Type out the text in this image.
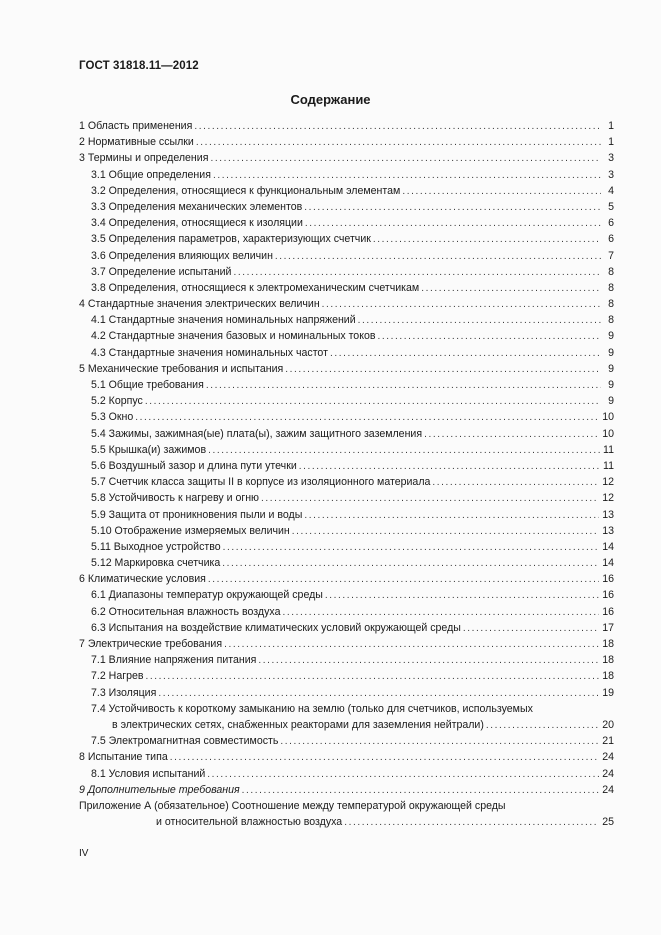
ГОСТ 31818.11—2012
Содержание
1 Область применения .....	1
2 Нормативные ссылки .....	1
3 Термины и определения .....	3
3.1 Общие определения .....	3
3.2 Определения, относящиеся к функциональным элементам .....	4
3.3 Определения механических элементов .....	5
3.4 Определения, относящиеся к изоляции .....	6
3.5 Определения параметров, характеризующих счетчик .....	6
3.6 Определения влияющих величин .....	7
3.7 Определение испытаний .....	8
3.8 Определения, относящиеся к электромеханическим счетчикам .....	8
4 Стандартные значения электрических величин .....	8
4.1 Стандартные значения номинальных напряжений .....	8
4.2 Стандартные значения базовых и номинальных токов .....	9
4.3 Стандартные значения номинальных частот .....	9
5 Механические требования и испытания .....	9
5.1 Общие требования .....	9
5.2 Корпус .....	9
5.3 Окно .....	10
5.4 Зажимы, зажимная(ые) плата(ы), зажим защитного заземления .....	10
5.5 Крышка(и) зажимов .....	11
5.6 Воздушный зазор и длина пути утечки .....	11
5.7 Счетчик класса защиты II в корпусе из изоляционного материала .....	12
5.8 Устойчивость к нагреву и огню .....	12
5.9 Защита от проникновения пыли и воды .....	13
5.10 Отображение измеряемых величин .....	13
5.11 Выходное устройство .....	14
5.12 Маркировка счетчика .....	14
6 Климатические условия .....	16
6.1 Диапазоны температур окружающей среды .....	16
6.2 Относительная влажность воздуха .....	16
6.3 Испытания на воздействие климатических условий окружающей среды .....	17
7 Электрические требования .....	18
7.1 Влияние напряжения питания .....	18
7.2 Нагрев .....	18
7.3 Изоляция .....	19
7.4 Устойчивость к короткому замыканию на землю (только для счетчиков, используемых
в электрических сетях, снабженных реакторами для заземления нейтрали) .....	20
7.5 Электромагнитная совместимость .....	21
8 Испытание типа .....	24
8.1 Условия испытаний .....	24
9 Дополнительные требования .....	24
Приложение А (обязательное) Соотношение между температурой окружающей среды
и относительной влажностью воздуха .....	25
IV
